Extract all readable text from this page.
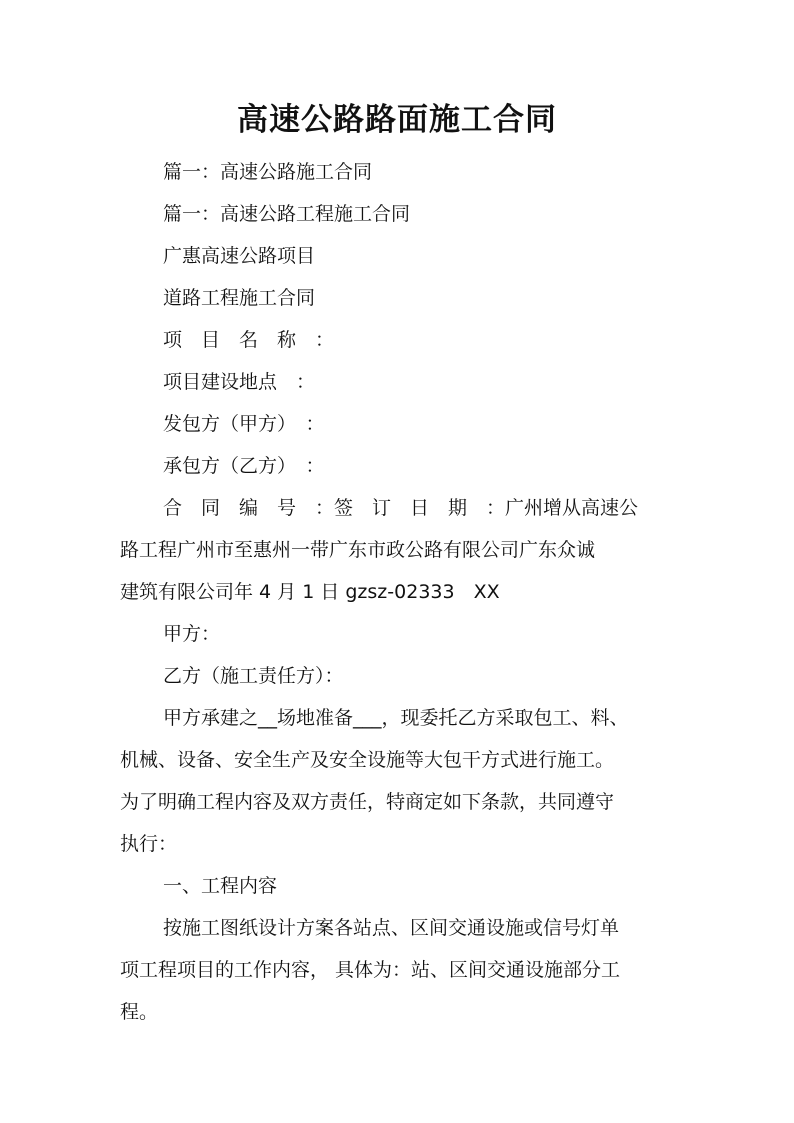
高速公路路面施工合同
篇一：高速公路施工合同
篇一：高速公路工程施工合同
广惠高速公路项目
道路工程施工合同
项　目　名　称　：
项目建设地点　：
发包方（甲方）　：
承包方（乙方）　：
合　同　编　号　：签　订　日　期　：广州增从高速公
路工程广州市至惠州一带广东市政公路有限公司广东众诚
建筑有限公司年 4 月 1 日 gzsz-02333　XX
甲方：
乙方（施工责任方）：
甲方承建之__场地准备___，现委托乙方采取包工、料、
机械、设备、安全生产及安全设施等大包干方式进行施工。
为了明确工程内容及双方责任，特商定如下条款，共同遵守
执行：
一、工程内容
按施工图纸设计方案各站点、区间交通设施或信号灯单
项工程项目的工作内容， 具体为：站、区间交通设施部分工
程。
